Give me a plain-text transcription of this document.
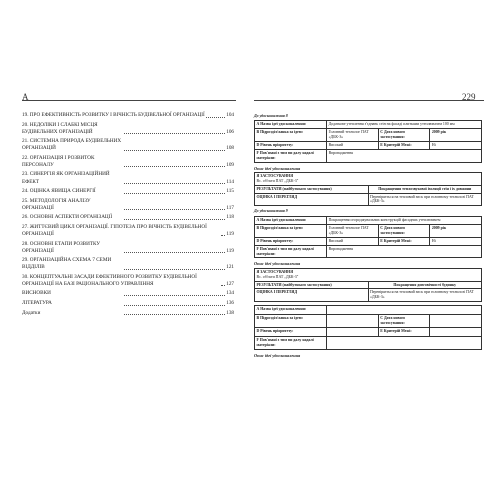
A
19. ПРО ЕФЕКТИВНІСТЬ РОЗВИТКУ І ВІЧНІСТЬ БУДІВЕЛЬНОЇ ОРГАНІЗАЦІЇ	104
20. НЕДОЛІКИ І СЛАБКІ МІСЦЯ БУДІВЕЛЬНИХ ОРГАНІЗАЦІЙ	106
21. СИСТЕМНА ПРИРОДА БУДІВЕЛЬНИХ ОРГАНІЗАЦІЙ	108
22. ОРГАНІЗАЦІЯ І РОЗВИТОК ПЕРСОНАЛУ	109
23. СИНЕРГІЯ ЯК ОРГАНІЗАЦІЙНИЙ ЕФЕКТ	114
24. ОЦІНКА ЯВИЩА СИНЕРГІЇ	115
25. МЕТОДОЛОГІЯ АНАЛІЗУ ОРГАНІЗАЦІЇ	117
26. ОСНОВНІ АСПЕКТИ ОРГАНІЗАЦІЇ	118
27. ЖИТТЄВИЙ ЦИКЛ ОРГАНІЗАЦІЇ. ГІПОТЕЗА ПРО ВІЧНІСТЬ БУДІВЕЛЬНОЇ ОРГАНІЗАЦІЇ	119
28. ОСНОВНІ ЕТАПИ РОЗВИТКУ ОРГАНІЗАЦІЇ	119
29. ОРГАНІЗАЦІЙНА СХЕМА 7 СЕМИ ВІДДІЛІВ	121
30. КОНЦЕПТУАЛЬНІ ЗАСАДИ ЕФЕКТИВНОГО РОЗВИТКУ БУДІВЕЛЬНОЇ ОРГАНІЗАЦІЇ НА БАЗІ РАЦІОНАЛЬНОГО УПРАВЛІННЯ	127
ВИСНОВКИ	134
ЛІТЕРАТУРА	136
Додатки	138
229
До удосконалення 8
А Назва ідеї удосконалення:	Додаткове утеплення з'єднань стін на фасаді плитками утеплювачем 100 мм		
В Підрозділ/ланка за ідею:	Головний технолог ПАТ «ДБК-3»	С Дата нового застосування:	2009 рік
D Рівень пріоритету:	Високий	Е Критерій Межі:	Ні
F Пов'язані з тим ви далу надалі матеріали:	Впровадження		
Опис ідеї удосконалення
Я ЗАСТОСУВАННЯ
Вс. об'єкти ПАТ „ДБК-3"	

РЕЗУЛЬТАТИ (майбутнього застосування)	Покращення теплозвукової ізоляції стін і їх довжини
ОЦІНКА І ПЕРЕГЛЯД	Перевіряється на тепловий зиск при головному технолозі ПАТ «ДБК-3»
До удосконалення 9
А Назва ідеї удосконалення:	Покращення огороджувальних конструкцій фасадних утеплювачем		
В Підрозділ/ланка за ідею:	Головний технолог ПАТ «ДБК-3»	С Дата нового застосування:	2009 рік
D Рівень пріоритету:	Високий	Е Критерій Межі:	Ні
F Пов'язані з тим ви далу надалі матеріали:	Впровадження		
Опис ідеї удосконалення
Я ЗАСТОСУВАННЯ
Вс. об'єкти ПАТ „ДБК-3"	

РЕЗУЛЬТАТИ (майбутнього застосування)	Покращення довговічності будинку
ОЦІНКА І ПЕРЕГЛЯД	Перевіряється на тепловий зиск при головному технолозі ПАТ «ДБК-3»
А Назва ідеї удосконалення:			
В Підрозділ/ланка за ідею:		С Дата нового застосування:	
D Рівень пріоритету:		Е Критерій Межі:	
F Пов'язані з тим ви далу надалі матеріали:			
Опис ідеї удосконалення
